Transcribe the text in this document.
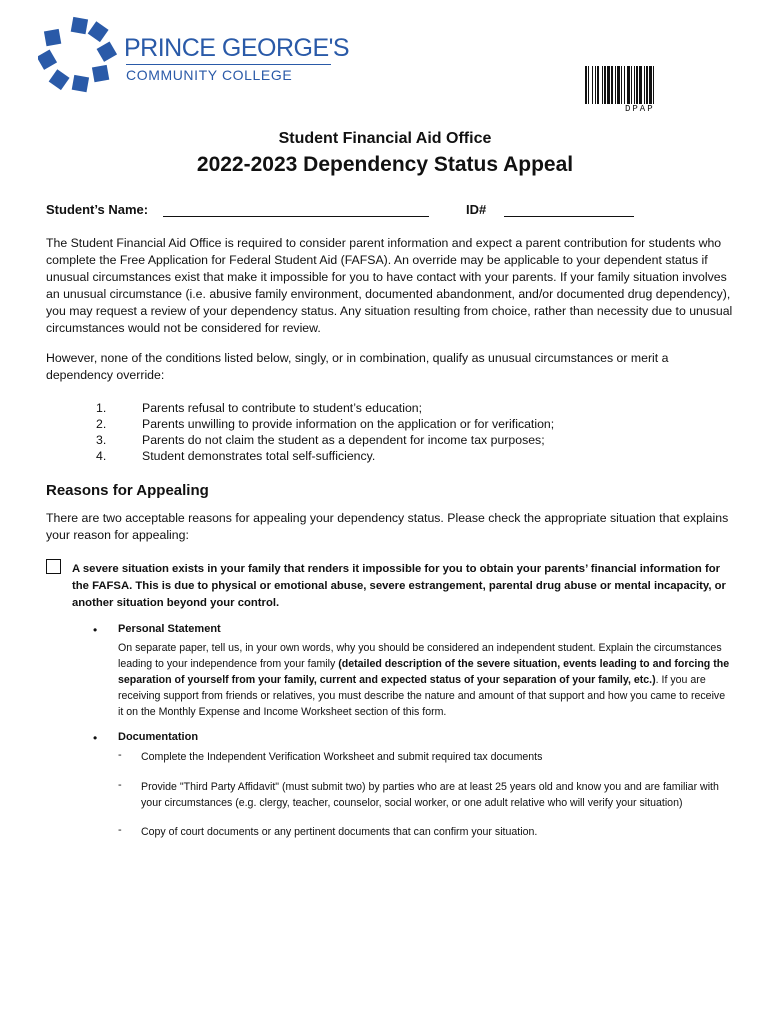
PRINCE GEORGE'S
COMMUNITY COLLEGE
DPAP
Student Financial Aid Office
2022-2023 Dependency Status Appeal
Student’s Name:	ID#

The Student Financial Aid Office is required to consider parent information and expect a parent contribution for students who complete the Free Application for Federal Student Aid (FAFSA). An override may be applicable to your dependent status if unusual circumstances exist that make it impossible for you to have contact with your parents. If your family situation involves an unusual circumstance (i.e. abusive family environment, documented abandonment, and/or documented drug dependency), you may request a review of your dependency status. Any situation resulting from choice, rather than necessity due to unusual circumstances would not be considered for review.

However, none of the conditions listed below, singly, or in combination, qualify as unusual circumstances or merit a dependency override:

1.	Parents refusal to contribute to student’s education;
2.	Parents unwilling to provide information on the application or for verification;
3.	Parents do not claim the student as a dependent for income tax purposes;
4.	Student demonstrates total self-sufficiency.
Reasons for Appealing

There are two acceptable reasons for appealing your dependency status. Please check the appropriate situation that explains your reason for appealing:

A severe situation exists in your family that renders it impossible for you to obtain your parents’ financial information for the FAFSA. This is due to physical or emotional abuse, severe estrangement, parental drug abuse or mental incapacity, or another situation beyond your control.

• Personal Statement

On separate paper, tell us, in your own words, why you should be considered an independent student. Explain the circumstances leading to your independence from your family (detailed description of the severe situation, events leading to and forcing the separation of yourself from your family, current and expected status of your separation of your family, etc.). If you are receiving support from friends or relatives, you must describe the nature and amount of that support and how you came to receive it on the Monthly Expense and Income Worksheet section of this form.

• Documentation
- Complete the Independent Verification Worksheet and submit required tax documents

- Provide "Third Party Affidavit" (must submit two) by parties who are at least 25 years old and know you and are familiar with your circumstances (e.g. clergy, teacher, counselor, social worker, or one adult relative who will verify your situation)

- Copy of court documents or any pertinent documents that can confirm your situation.
